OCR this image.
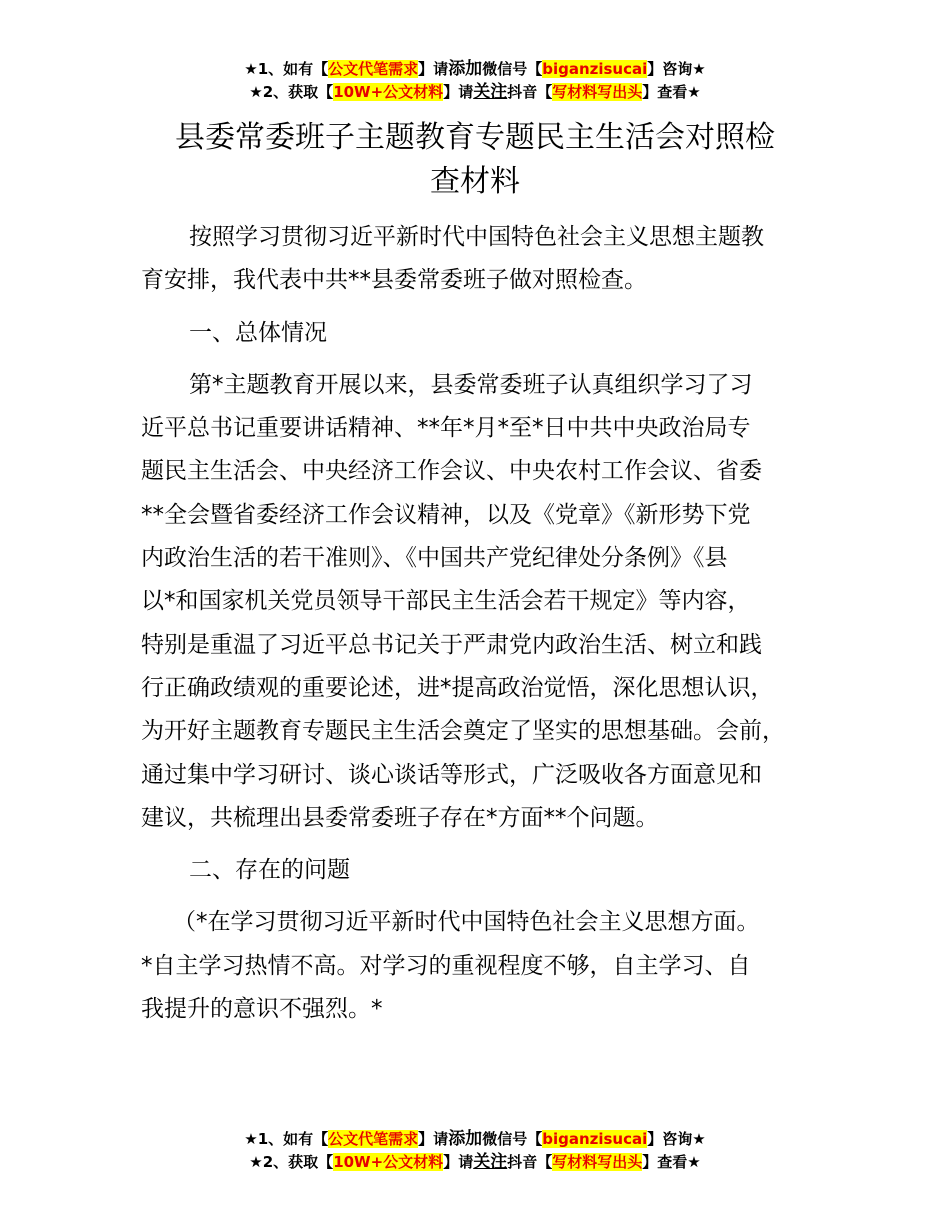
★1、如有【公文代笔需求】请添加微信号【biganzisucai】咨询★
★2、获取【10W+公文材料】请关注抖音【写材料写出头】查看★
县委常委班子主题教育专题民主生活会对照检
查材料
按照学习贯彻习近平新时代中国特色社会主义思想主题教
育安排，我代表中共**县委常委班子做对照检查。
一、总体情况
第*主题教育开展以来，县委常委班子认真组织学习了习
近平总书记重要讲话精神、**年*月*至*日中共中央政治局专
题民主生活会、中央经济工作会议、中央农村工作会议、省委
**全会暨省委经济工作会议精神，以及《党章》《新形势下党
内政治生活的若干准则》、《中国共产党纪律处分条例》《县
以*和国家机关党员领导干部民主生活会若干规定》等内容，
特别是重温了习近平总书记关于严肃党内政治生活、树立和践
行正确政绩观的重要论述，进*提高政治觉悟，深化思想认识，
为开好主题教育专题民主生活会奠定了坚实的思想基础。会前，
通过集中学习研讨、谈心谈话等形式，广泛吸收各方面意见和
建议，共梳理出县委常委班子存在*方面**个问题。
二、存在的问题
（*在学习贯彻习近平新时代中国特色社会主义思想方面。
*自主学习热情不高。对学习的重视程度不够，自主学习、自
我提升的意识不强烈。*
★1、如有【公文代笔需求】请添加微信号【biganzisucai】咨询★
★2、获取【10W+公文材料】请关注抖音【写材料写出头】查看★
